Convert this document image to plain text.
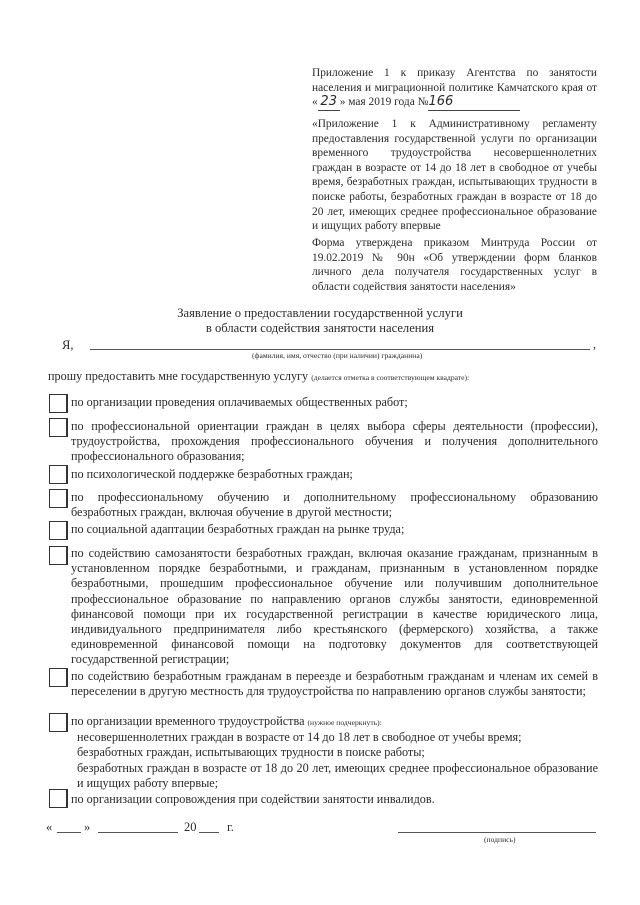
Приложение 1 к приказу Агентства по занятости населения и миграционной политике Камчатского края от « 23 » мая 2019 года №166
«Приложение 1 к Административному регламенту предоставления государственной услуги по организации временного трудоустройства несовершеннолетних граждан в возрасте от 14 до 18 лет в свободное от учебы время, безработных граждан, испытывающих трудности в поиске работы, безработных граждан в возрасте от 18 до 20 лет, имеющих среднее профессиональное образование и ищущих работу впервые
Форма утверждена приказом Минтруда России от 19.02.2019 № 90н «Об утверждении форм бланков личного дела получателя государственных услуг в области содействия занятости населения»
Заявление о предоставлении государственной услуги
в области содействия занятости населения
Я,	,
(фамилия, имя, отчество (при наличии) гражданина)
прошу предоставить мне государственную услугу (делается отметка в соответствующем квадрате):
по организации проведения оплачиваемых общественных работ;
по профессиональной ориентации граждан в целях выбора сферы деятельности (профессии), трудоустройства, прохождения профессионального обучения и получения дополнительного профессионального образования;
по психологической поддержке безработных граждан;
по профессиональному обучению и дополнительному профессиональному образованию безработных граждан, включая обучение в другой местности;
по социальной адаптации безработных граждан на рынке труда;
по содействию самозанятости безработных граждан, включая оказание гражданам, признанным в установленном порядке безработными, и гражданам, признанным в установленном порядке безработными, прошедшим профессиональное обучение или получившим дополнительное профессиональное образование по направлению органов службы занятости, единовременной финансовой помощи при их государственной регистрации в качестве юридического лица, индивидуального предпринимателя либо крестьянского (фермерского) хозяйства, а также единовременной финансовой помощи на подготовку документов для соответствующей государственной регистрации;
по содействию безработным гражданам в переезде и безработным гражданам и членам их семей в переселении в другую местность для трудоустройства по направлению органов службы занятости;
по организации временного трудоустройства (нужное подчеркнуть):
несовершеннолетних граждан в возрасте от 14 до 18 лет в свободное от учебы время;
безработных граждан, испытывающих трудности в поиске работы;
безработных граждан в возрасте от 18 до 20 лет, имеющих среднее профессиональное образование и ищущих работу впервые;
по организации сопровождения при содействии занятости инвалидов.
«	»	20 г.
(подпись)
